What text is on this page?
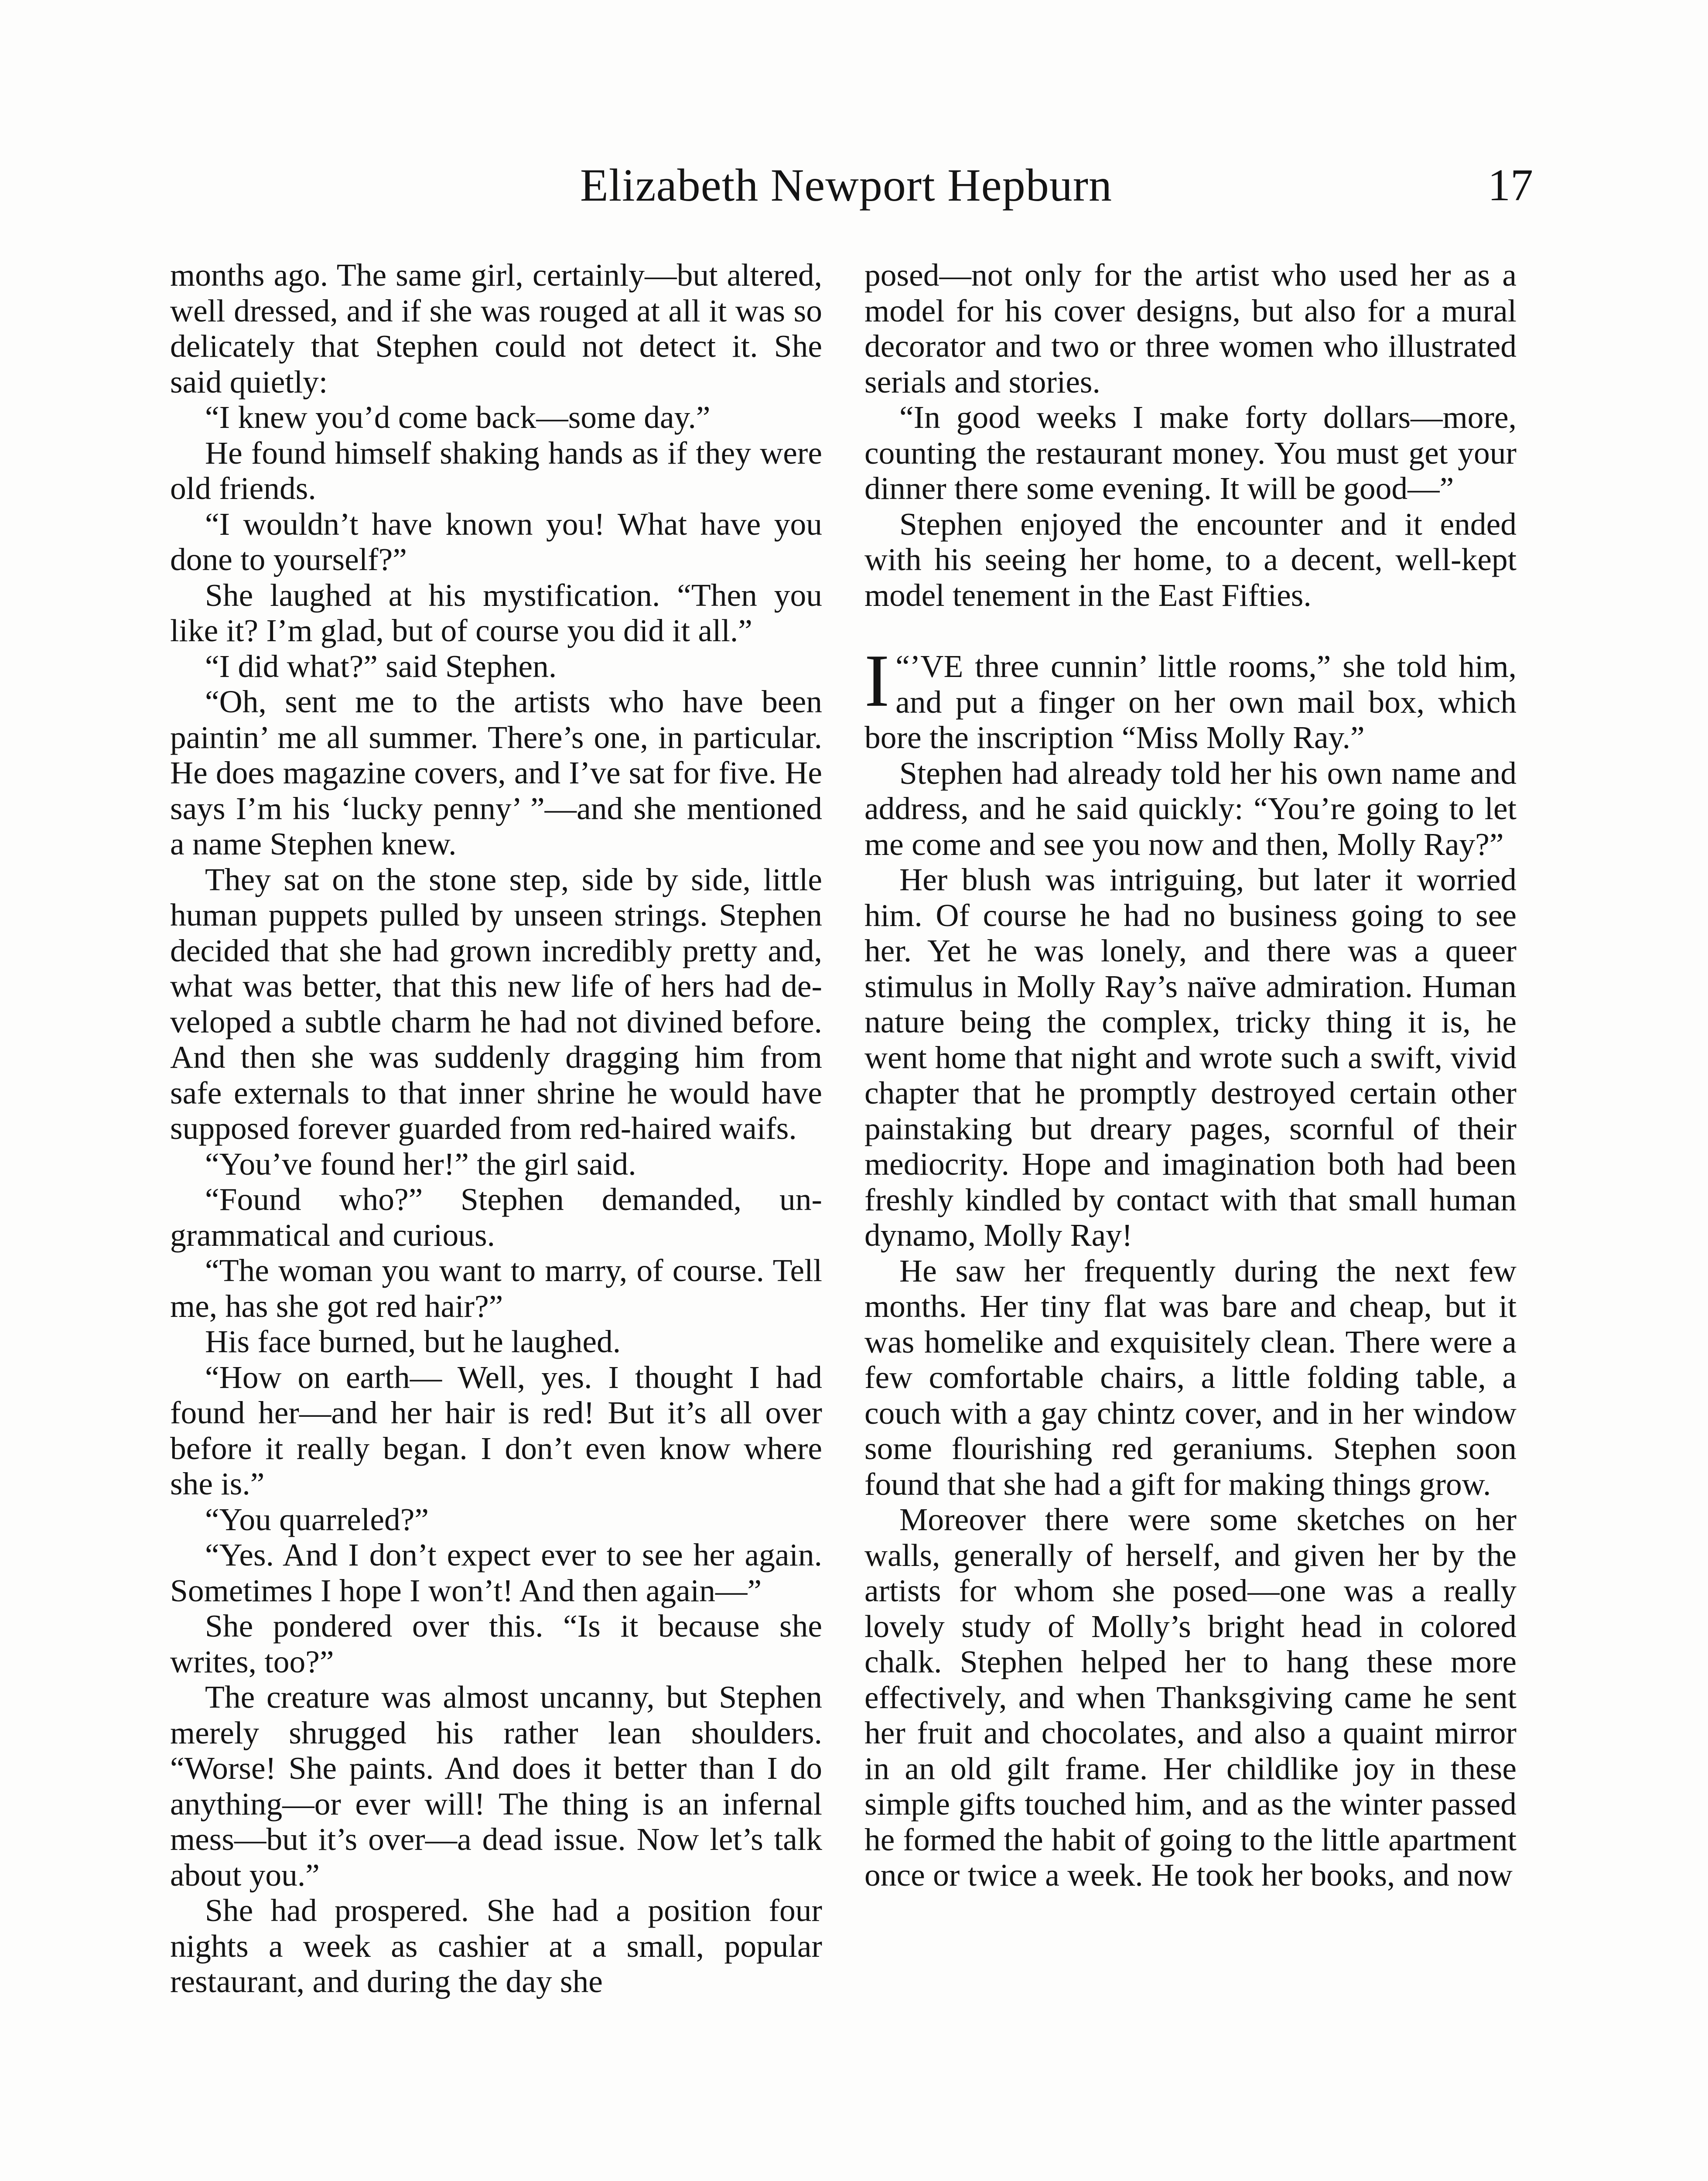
Elizabeth Newport Hepburn	17

months ago. The same girl, certainly—but altered, well dressed, and if she was rouged at all it was so delicately that Stephen could not detect it. She said quietly:

“I knew you’d come back—some day.”

He found himself shaking hands as if they were old friends.

“I wouldn’t have known you! What have you done to yourself?”

She laughed at his mystification. “Then you like it? I’m glad, but of course you did it all.”

“I did what?” said Stephen.

“Oh, sent me to the artists who have been paintin’ me all summer. There’s one, in particular. He does magazine covers, and I’ve sat for five. He says I’m his ‘lucky penny’ ”—and she mentioned a name Stephen knew.

They sat on the stone step, side by side, little human puppets pulled by unseen strings. Stephen decided that she had grown incredibly pretty and, what was better, that this new life of hers had developed a subtle charm he had not divined before. And then she was suddenly dragging him from safe externals to that inner shrine he would have supposed forever guarded from red-haired waifs.

“You’ve found her!” the girl said.

“Found who?” Stephen demanded, ungrammatical and curious.

“The woman you want to marry, of course. Tell me, has she got red hair?”

His face burned, but he laughed.

“How on earth— Well, yes. I thought I had found her—and her hair is red! But it’s all over before it really began. I don’t even know where she is.”

“You quarreled?”

“Yes. And I don’t expect ever to see her again. Sometimes I hope I won’t! And then again—”

She pondered over this. “Is it because she writes, too?”

The creature was almost uncanny, but Stephen merely shrugged his rather lean shoulders. “Worse! She paints. And does it better than I do anything—or ever will! The thing is an infernal mess—but it’s over—a dead issue. Now let’s talk about you.”

She had prospered. She had a position four nights a week as cashier at a small, popular restaurant, and during the day she

posed—not only for the artist who used her as a model for his cover designs, but also for a mural decorator and two or three women who illustrated serials and stories.

“In good weeks I make forty dollars—more, counting the restaurant money. You must get your dinner there some evening. It will be good—”

Stephen enjoyed the encounter and it ended with his seeing her home, to a decent, well-kept model tenement in the East Fifties.

“
I ’VE three cunnin’ little rooms,” she told him, and put a finger on her own mail box, which bore the inscription “Miss Molly Ray.”

Stephen had already told her his own name and address, and he said quickly: “You’re going to let me come and see you now and then, Molly Ray?”

Her blush was intriguing, but later it worried him. Of course he had no business going to see her. Yet he was lonely, and there was a queer stimulus in Molly Ray’s naïve admiration. Human nature being the complex, tricky thing it is, he went home that night and wrote such a swift, vivid chapter that he promptly destroyed certain other painstaking but dreary pages, scornful of their mediocrity. Hope and imagination both had been freshly kindled by contact with that small human dynamo, Molly Ray!

He saw her frequently during the next few months. Her tiny flat was bare and cheap, but it was homelike and exquisitely clean. There were a few comfortable chairs, a little folding table, a couch with a gay chintz cover, and in her window some flourishing red geraniums. Stephen soon found that she had a gift for making things grow.

Moreover there were some sketches on her walls, generally of herself, and given her by the artists for whom she posed—one was a really lovely study of Molly’s bright head in colored chalk. Stephen helped her to hang these more effectively, and when Thanksgiving came he sent her fruit and chocolates, and also a quaint mirror in an old gilt frame. Her childlike joy in these simple gifts touched him, and as the winter passed he formed the habit of going to the little apartment once or twice a week. He took her books, and now
